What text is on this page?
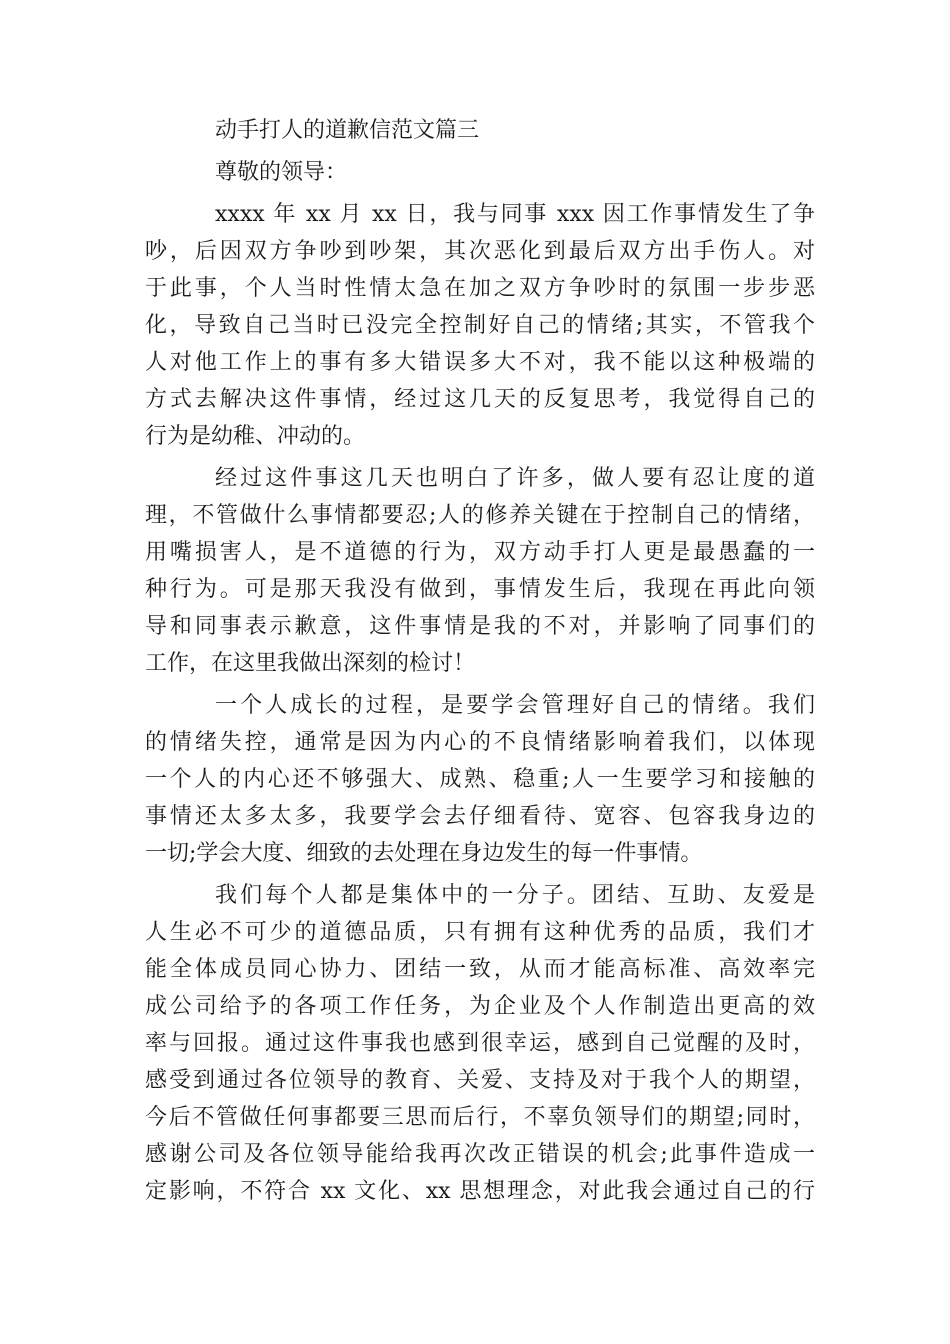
动手打人的道歉信范文篇三
尊敬的领导：
xxxx 年 xx 月 xx 日，我与同事 xxx 因工作事情发生了争
吵，后因双方争吵到吵架，其次恶化到最后双方出手伤人。对
于此事，个人当时性情太急在加之双方争吵时的氛围一步步恶
化，导致自己当时已没完全控制好自己的情绪;其实，不管我个
人对他工作上的事有多大错误多大不对，我不能以这种极端的
方式去解决这件事情，经过这几天的反复思考，我觉得自己的
行为是幼稚、冲动的。
经过这件事这几天也明白了许多，做人要有忍让度的道
理，不管做什么事情都要忍;人的修养关键在于控制自己的情绪，
用嘴损害人，是不道德的行为，双方动手打人更是最愚蠢的一
种行为。可是那天我没有做到，事情发生后，我现在再此向领
导和同事表示歉意，这件事情是我的不对，并影响了同事们的
工作，在这里我做出深刻的检讨！
一个人成长的过程，是要学会管理好自己的情绪。我们
的情绪失控，通常是因为内心的不良情绪影响着我们，以体现
一个人的内心还不够强大、成熟、稳重;人一生要学习和接触的
事情还太多太多，我要学会去仔细看待、宽容、包容我身边的
一切;学会大度、细致的去处理在身边发生的每一件事情。
我们每个人都是集体中的一分子。团结、互助、友爱是
人生必不可少的道德品质，只有拥有这种优秀的品质，我们才
能全体成员同心协力、团结一致，从而才能高标准、高效率完
成公司给予的各项工作任务，为企业及个人作制造出更高的效
率与回报。通过这件事我也感到很幸运，感到自己觉醒的及时，
感受到通过各位领导的教育、关爱、支持及对于我个人的期望，
今后不管做任何事都要三思而后行，不辜负领导们的期望;同时，
感谢公司及各位领导能给我再次改正错误的机会;此事件造成一
定影响，不符合 xx 文化、xx 思想理念，对此我会通过自己的行
